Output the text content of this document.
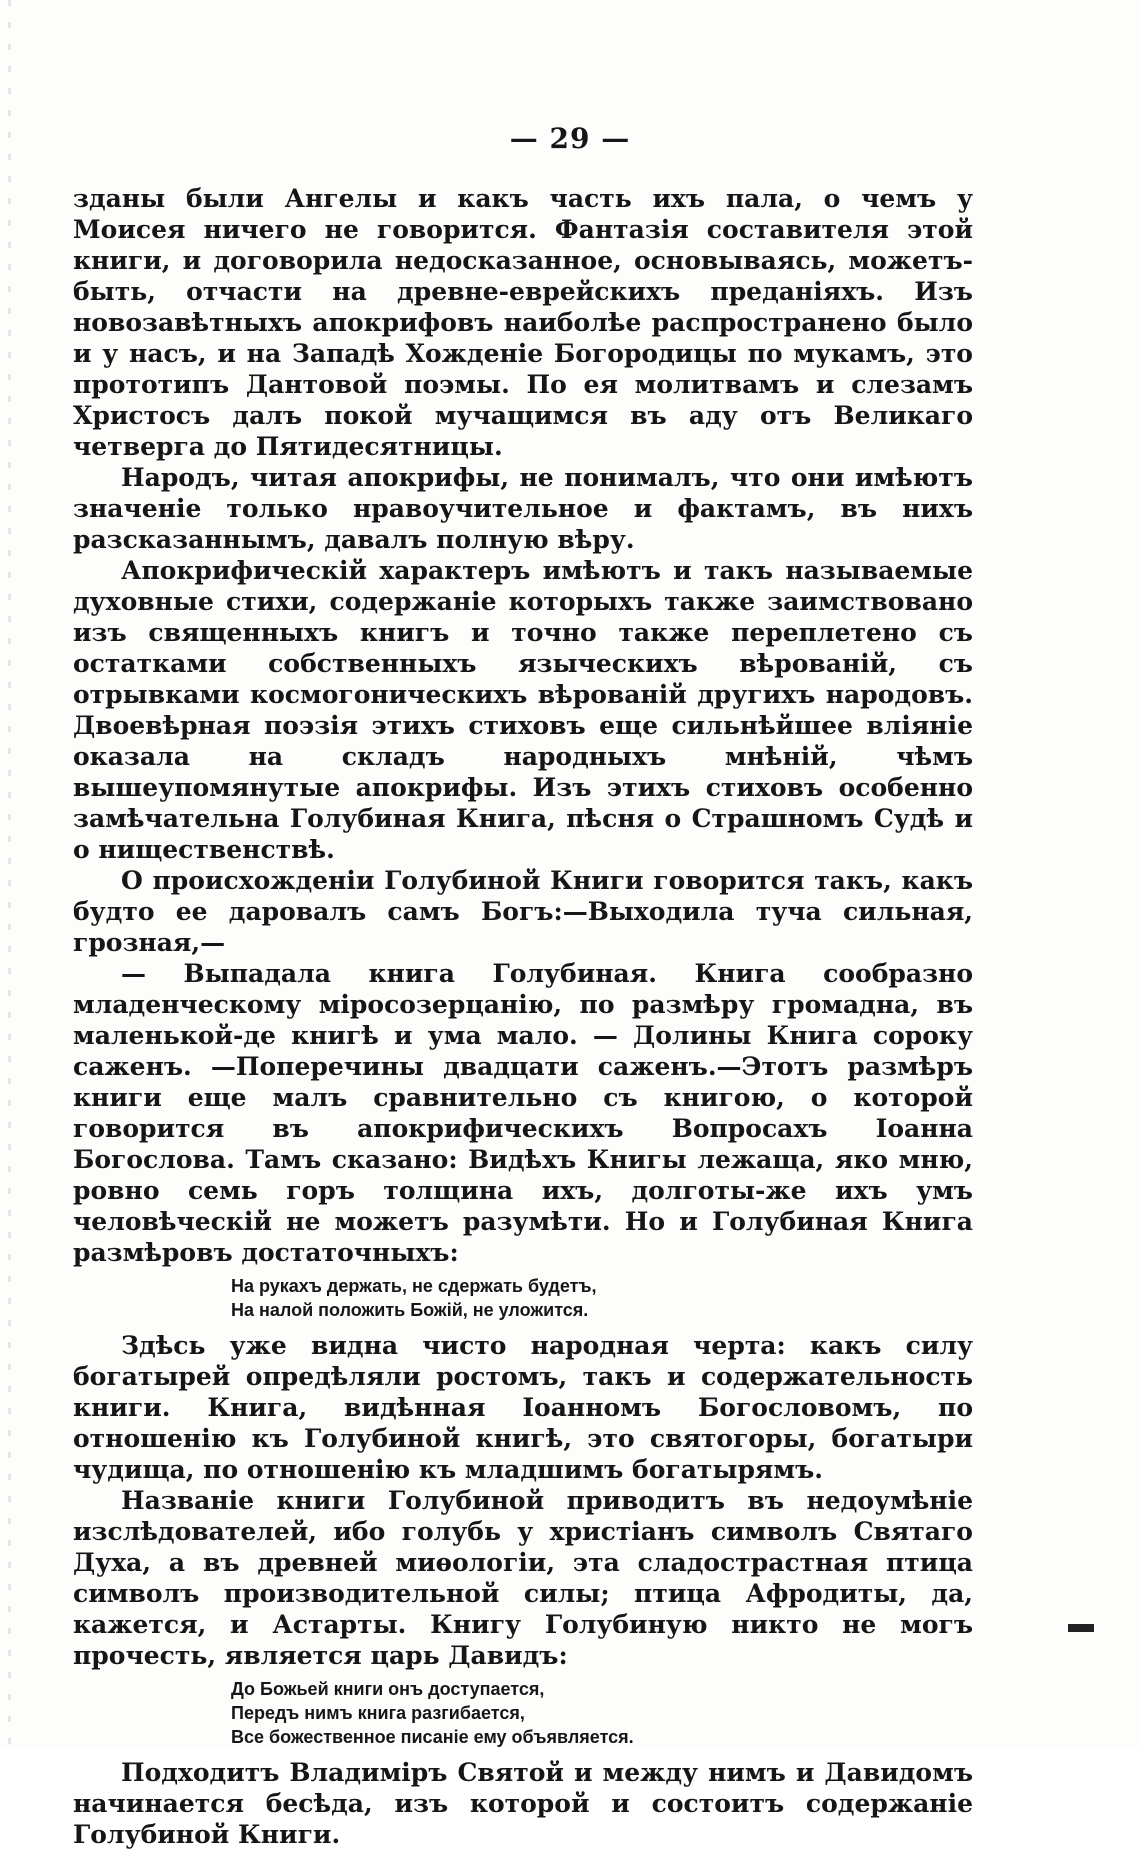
— 29 —

зданы были Ангелы и какъ часть ихъ пала, о чемъ у Моисея ничего не говорится. Фантазія составителя этой книги, и договорила недосказанное, основываясь, можетъ-быть, отчасти на древне-еврейскихъ преданіяхъ. Изъ новозавѣтныхъ апокрифовъ наиболѣе распространено было и у насъ, и на Западѣ Хожденіе Богородицы по мукамъ, это прототипъ Дантовой поэмы. По ея молитвамъ и слезамъ Христосъ далъ покой мучащимся въ аду отъ Великаго четверга до Пятидесятницы.

Народъ, читая апокрифы, не понималъ, что они имѣютъ значеніе только нравоучительное и фактамъ, въ нихъ разсказаннымъ, давалъ полную вѣру.

Апокрифическій характеръ имѣютъ и такъ называемые духовные стихи, содержаніе которыхъ также заимствовано изъ священныхъ книгъ и точно также переплетено съ остатками собственныхъ языческихъ вѣрованій, съ отрывками космогоническихъ вѣрованій другихъ народовъ. Двоевѣрная поэзія этихъ стиховъ еще сильнѣйшее вліяніе оказала на складъ народныхъ мнѣній, чѣмъ вышеупомянутые апокрифы. Изъ этихъ стиховъ особенно замѣчательна Голубиная Книга, пѣсня о Страшномъ Судѣ и о нищественствѣ.

О происхожденіи Голубиной Книги говорится такъ, какъ будто ее даровалъ самъ Богъ:—Выходила туча сильная, грозная,—

— Выпадала книга Голубиная. Книга сообразно младенческому міросозерцанію, по размѣру громадна, въ маленькой-де книгѣ и ума мало. — Долины Книга сороку саженъ. —Поперечины двадцати саженъ.—Этотъ размѣръ книги еще малъ сравнительно съ книгою, о которой говорится въ апокрифическихъ Вопросахъ Іоанна Богослова. Тамъ сказано: Видѣхъ Книгы лежаща, яко мню, ровно семь горъ толщина ихъ, долготы-же ихъ умъ человѣческій не можетъ разумѣти. Но и Голубиная Книга размѣровъ достаточныхъ:

На рукахъ держать, не сдержать будетъ,
На налой положить Божій, не уложится.

Здѣсь уже видна чисто народная черта: какъ силу богатырей опредѣляли ростомъ, такъ и содержательность книги. Книга, видѣнная Іоанномъ Богословомъ, по отношенію къ Голубиной книгѣ, это святогоры, богатыри чудища, по отношенію къ младшимъ богатырямъ.

Названіе книги Голубиной приводитъ въ недоумѣніе изслѣдователей, ибо голубь у христіанъ символъ Святаго Духа, а въ древней миѳологіи, эта сладострастная птица символъ производительной силы; птица Афродиты, да, кажется, и Астарты. Книгу Голубиную никто не могъ прочесть, является царь Давидъ:

До Божьей книги онъ доступается,
Передъ нимъ книга разгибается,
Все божественное писаніе ему объявляется.

Подходитъ Владиміръ Святой и между нимъ и Давидомъ начинается бесѣда, изъ которой и состоитъ содержаніе Голубиной Книги.
